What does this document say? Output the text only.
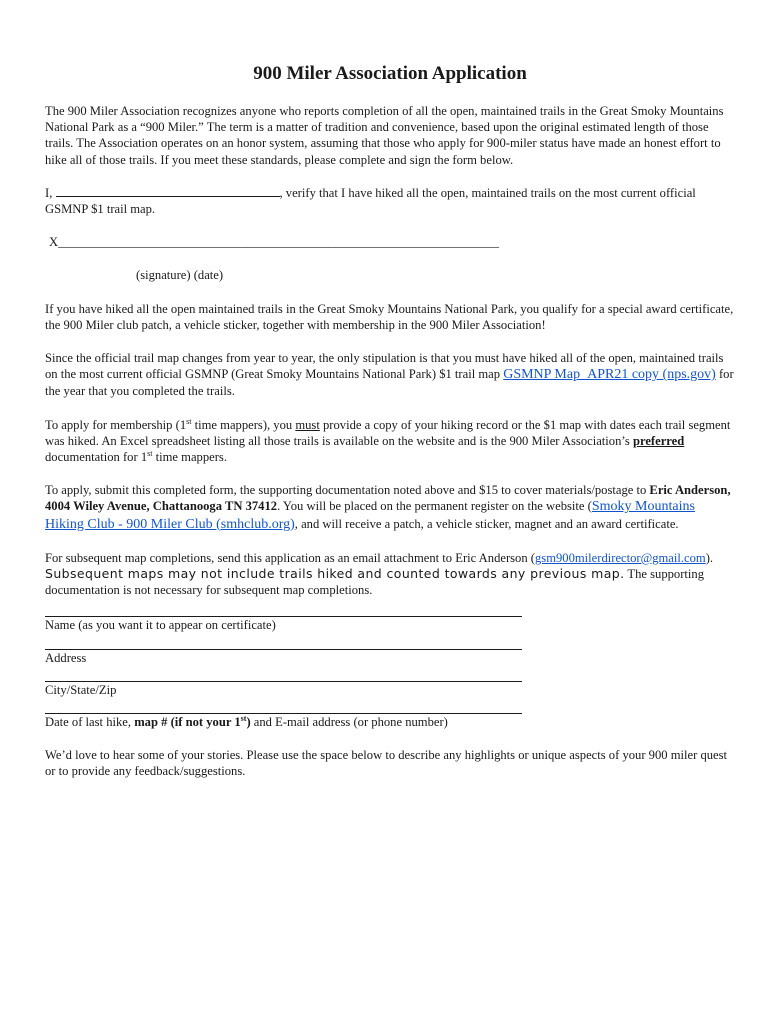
900 Miler Association Application

The 900 Miler Association recognizes anyone who reports completion of all the open, maintained trails in the Great Smoky Mountains National Park as a “900 Miler.” The term is a matter of tradition and convenience, based upon the original estimated length of those trails. The Association operates on an honor system, assuming that those who apply for 900-miler status have made an honest effort to hike all of those trails. If you meet these standards, please complete and sign the form below.

I,	, verify that I have hiked all the open, maintained trails on the most current official GSMNP $1 trail map.

X______________________________________________________________________

(signature) (date)

If you have hiked all the open maintained trails in the Great Smoky Mountains National Park, you qualify for a special award certificate, the 900 Miler club patch, a vehicle sticker, together with membership in the 900 Miler Association!

Since the official trail map changes from year to year, the only stipulation is that you must have hiked all of the open, maintained trails on the most current official GSMNP (Great Smoky Mountains National Park) $1 trail map GSMNP Map_APR21 copy (nps.gov) for the year that you completed the trails.

To apply for membership (1st time mappers), you must provide a copy of your hiking record or the $1 map with dates each trail segment was hiked. An Excel spreadsheet listing all those trails is available on the website and is the 900 Miler Association’s preferred documentation for 1st time mappers.

To apply, submit this completed form, the supporting documentation noted above and $15 to cover materials/postage to Eric Anderson, 4004 Wiley Avenue, Chattanooga TN 37412. You will be placed on the permanent register on the website (Smoky Mountains Hiking Club - 900 Miler Club (smhclub.org), and will receive a patch, a vehicle sticker, magnet and an award certificate.

For subsequent map completions, send this application as an email attachment to Eric Anderson (gsm900milerdirector@gmail.com). Subsequent maps may not include trails hiked and counted towards any previous map. The supporting documentation is not necessary for subsequent map completions.

Name (as you want it to appear on certificate)
Address
City/State/Zip
Date of last hike, map # (if not your 1st) and E-mail address (or phone number)

We’d love to hear some of your stories. Please use the space below to describe any highlights or unique aspects of your 900 miler quest or to provide any feedback/suggestions.
